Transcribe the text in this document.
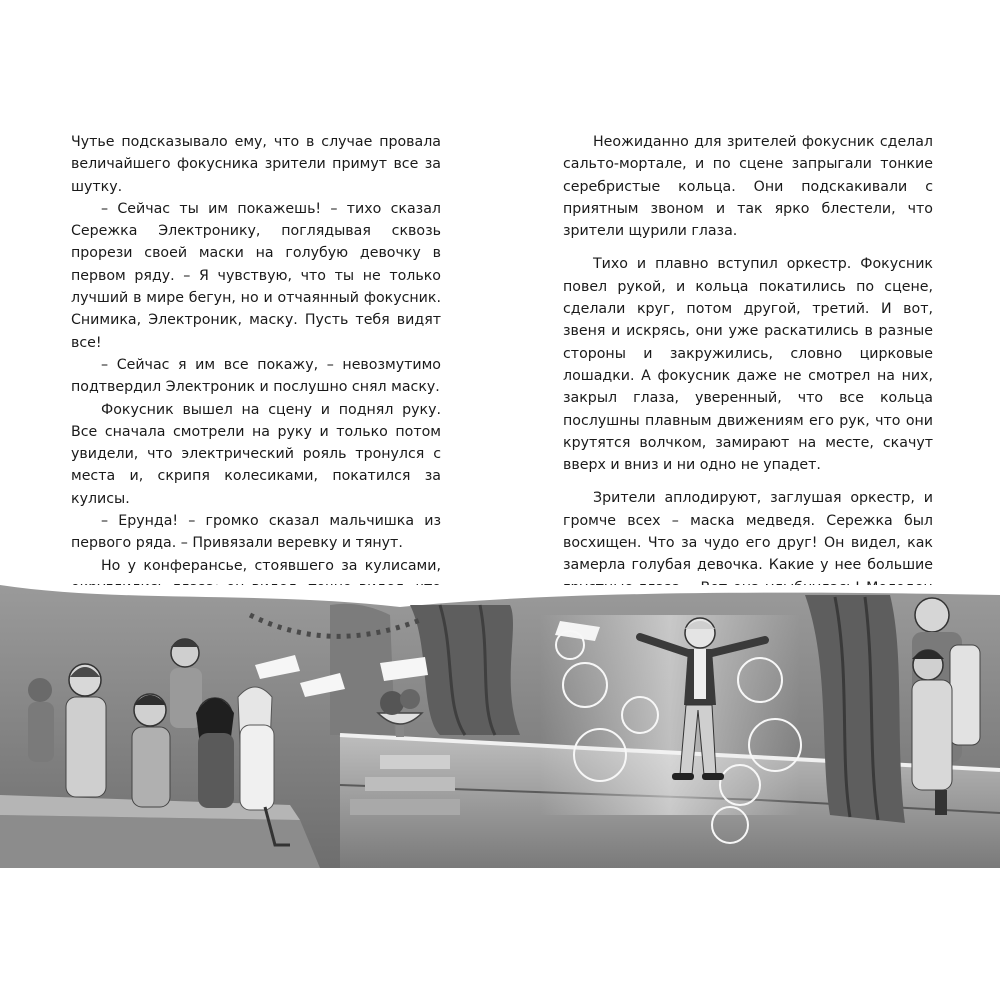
Чутье подсказывало ему, что в случае провала величайшего фокусника зрители примут все за шутку.

– Сейчас ты им покажешь! – тихо сказал Сережка Электронику, поглядывая сквозь прорези своей маски на голубую девочку в первом ряду. – Я чувствую, что ты не только лучший в мире бегун, но и отчаянный фокусник. Снимика, Электроник, маску. Пусть тебя видят все!

– Сейчас я им все покажу, – невозмутимо подтвердил Электроник и послушно снял маску.

Фокусник вышел на сцену и поднял руку. Все сначала смотрели на руку и только потом увидели, что электрический рояль тронулся с места и, скрипя колесиками, покатился за кулисы.

– Ерунда! – громко сказал мальчишка из первого ряда. – Привязали веревку и тянут.

Но у конферансье, стоявшего за кулисами,

Неожиданно для зрителей фокусник сделал сальто-мортале, и по сцене запрыгали тонкие серебристые кольца. Они подскакивали с приятным звоном и так ярко блестели, что зрители щурили глаза.

Тихо и плавно вступил оркестр. Фокусник повел рукой, и кольца покатились по сцене, сделали круг, потом другой, третий. И вот, звеня и искрясь, они уже раскатились в разные стороны и закружились, словно цирковые лошадки. А фокусник даже не смотрел на них, закрыл глаза, уверенный, что все кольца послушны плавным движениям его рук, что они крутятся волчком, замирают на месте, скачут вверх и вниз и ни одно не упадет.

Зрители аплодируют, заглушая оркестр, и громче всех – маска медведя. Сережка был восхищен. Что за чудо его друг! Он видел, как замерла голубая девочка. Какие у нее большие
